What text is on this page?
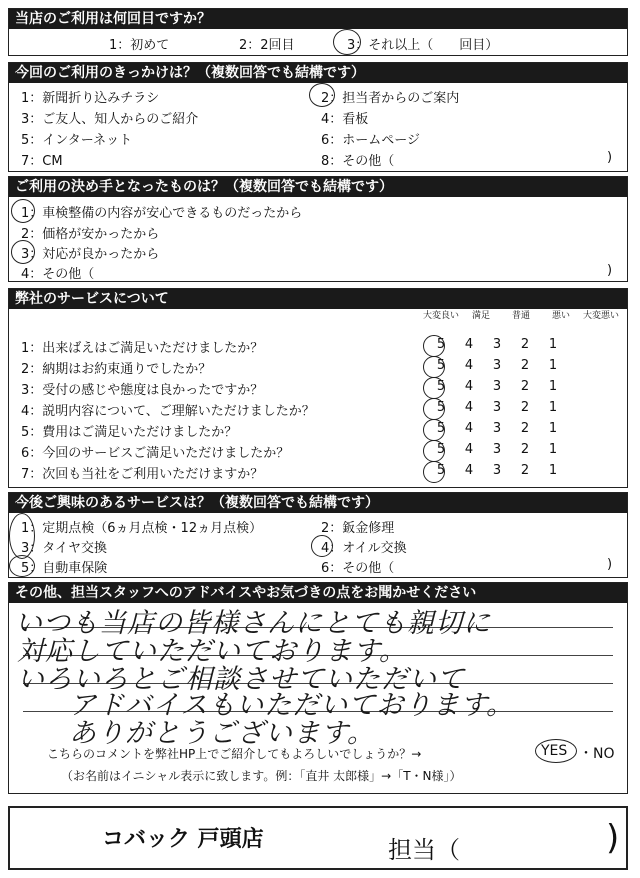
当店のご利用は何回目ですか？
1：初めて	2：2回目	3：それ以上（　　回目）
今回のご利用のきっかけは？（複数回答でも結構です）
1：新聞折り込みチラシ	2：担当者からのご案内
3：ご友人、知人からのご紹介	4：看板
5：インターネット	6：ホームページ
7：CM	8：その他（	)
ご利用の決め手となったものは？（複数回答でも結構です）
1：車検整備の内容が安心できるものだったから
2：価格が安かったから
3：対応が良かったから
4：その他（	)
弊社のサービスについて
大変良い 満足 普通 悪い 大変悪い
1：出来ばえはご満足いただけましたか？	5 4 3 2 1
2：納期はお約束通りでしたか？	5 4 3 2 1
3：受付の感じや態度は良かったですか？	5 4 3 2 1
4：説明内容について、ご理解いただけましたか？	5 4 3 2 1
5：費用はご満足いただけましたか？	5 4 3 2 1
6：今回のサービスご満足いただけましたか？	5 4 3 2 1
7：次回も当社をご利用いただけますか？	5 4 3 2 1
今後ご興味のあるサービスは？（複数回答でも結構です）
1：定期点検（6ヵ月点検・12ヵ月点検）	2：鈑金修理
3：タイヤ交換	4：オイル交換
5：自動車保険	6：その他（	)
その他、担当スタッフへのアドバイスやお気づきの点をお聞かせください
いつも当店の皆様さんにとても親切に
対応していただいております。
いろいろとご相談させていただいて
アドバイスもいただいております。
ありがとうございます。
こちらのコメントを弊社HP上でご紹介してもよろしいでしょうか？→	YES ・NO
（お名前はイニシャル表示に致します。例：「直井 太郎様」→「T・N様」）
コバック 戸頭店	担当（	)
